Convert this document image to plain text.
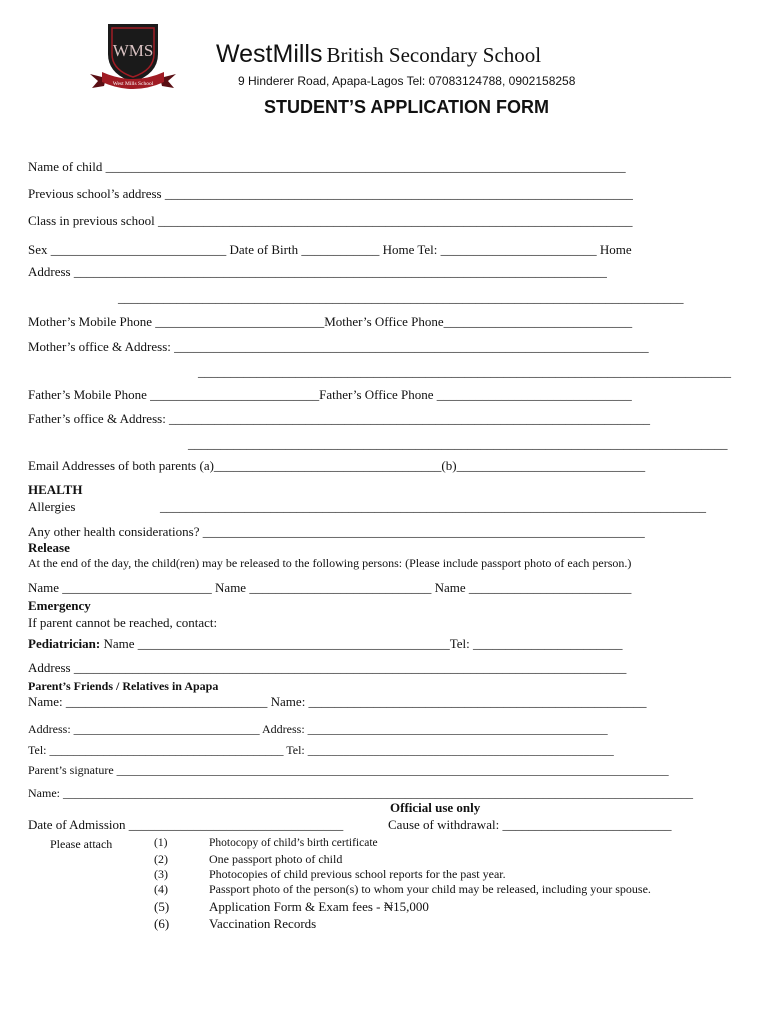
WMS
West Mills School
WestMills British Secondary School
9 Hinderer Road, Apapa-Lagos Tel: 07083124788, 0902158258
STUDENT’S APPLICATION FORM
Name of child ________________________________________________________________________________
Previous school’s address ________________________________________________________________________
Class in previous school _________________________________________________________________________
Sex ___________________________ Date of Birth ____________ Home Tel: ________________________ Home
Address __________________________________________________________________________________
_______________________________________________________________________________________
Mother’s Mobile Phone __________________________Mother’s Office Phone_____________________________
Mother’s office & Address: _________________________________________________________________________
__________________________________________________________________________________
Father’s Mobile Phone __________________________Father’s Office Phone ______________________________
Father’s office & Address: __________________________________________________________________________
___________________________________________________________________________________
Email Addresses of both parents (a)___________________________________(b)_____________________________
HEALTH
Allergies	____________________________________________________________________________________
Any other health considerations? ____________________________________________________________________
Release
At the end of the day, the child(ren) may be released to the following persons: (Please include passport photo of each person.)
Name _______________________ Name ____________________________ Name _________________________
Emergency
If parent cannot be reached, contact:
Pediatrician: Name ________________________________________________Tel: _______________________
Address _____________________________________________________________________________________
Parent’s Friends / Relatives in Apapa
Name: _______________________________ Name: ____________________________________________________
Address: _______________________________ Address: __________________________________________________
Tel: _______________________________________ Tel: ___________________________________________________
Parent’s signature ____________________________________________________________________________________________
Name: _________________________________________________________________________________________________________
Official use only
Date of Admission _________________________________	Cause of withdrawal: __________________________
Please attach	(1)	Photocopy of child’s birth certificate
(2)	One passport photo of child
(3)	Photocopies of child previous school reports for the past year.
(4)	Passport photo of the person(s) to whom your child may be released, including your spouse.
(5)	Application Form & Exam fees - ₦15,000
(6)	Vaccination Records
